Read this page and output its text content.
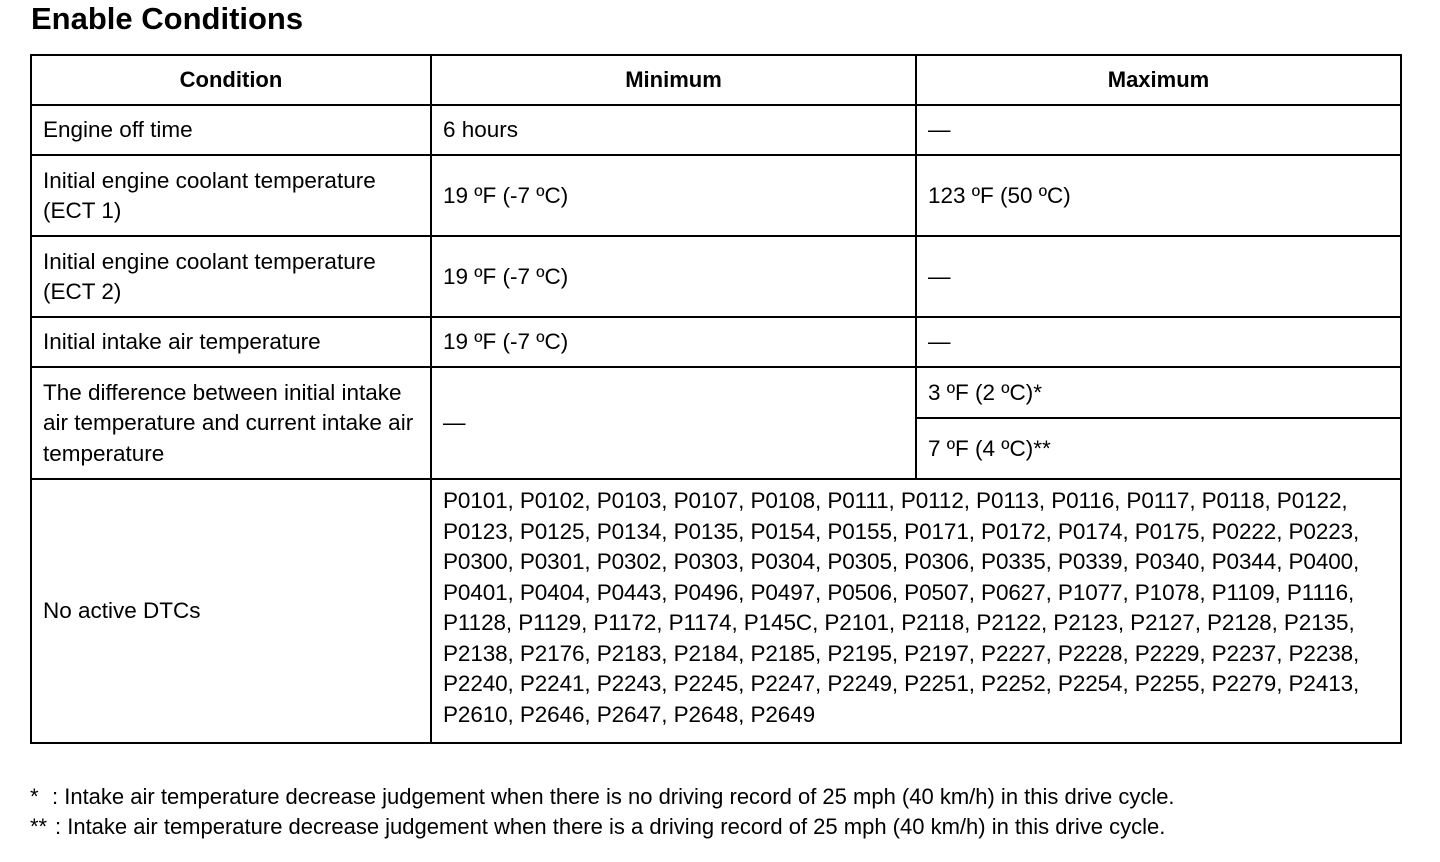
Enable Conditions
Condition	Minimum	Maximum
Engine off time	6 hours	—
Initial engine coolant temperature (ECT 1)	19 ºF (-7 ºC)	123 ºF (50 ºC)
Initial engine coolant temperature (ECT 2)	19 ºF (-7 ºC)	—
Initial intake air temperature	19 ºF (-7 ºC)	—
The difference between initial intake air temperature and current intake air temperature	—	3 ºF (2 ºC)*
		7 ºF (4 ºC)**
No active DTCs	P0101, P0102, P0103, P0107, P0108, P0111, P0112, P0113, P0116, P0117, P0118, P0122, P0123, P0125, P0134, P0135, P0154, P0155, P0171, P0172, P0174, P0175, P0222, P0223, P0300, P0301, P0302, P0303, P0304, P0305, P0306, P0335, P0339, P0340, P0344, P0400, P0401, P0404, P0443, P0496, P0497, P0506, P0507, P0627, P1077, P1078, P1109, P1116, P1128, P1129, P1172, P1174, P145C, P2101, P2118, P2122, P2123, P2127, P2128, P2135, P2138, P2176, P2183, P2184, P2185, P2195, P2197, P2227, P2228, P2229, P2237, P2238, P2240, P2241, P2243, P2245, P2247, P2249, P2251, P2252, P2254, P2255, P2279, P2413, P2610, P2646, P2647, P2648, P2649	
* : Intake air temperature decrease judgement when there is no driving record of 25 mph (40 km/h) in this drive cycle.
** : Intake air temperature decrease judgement when there is a driving record of 25 mph (40 km/h) in this drive cycle.
